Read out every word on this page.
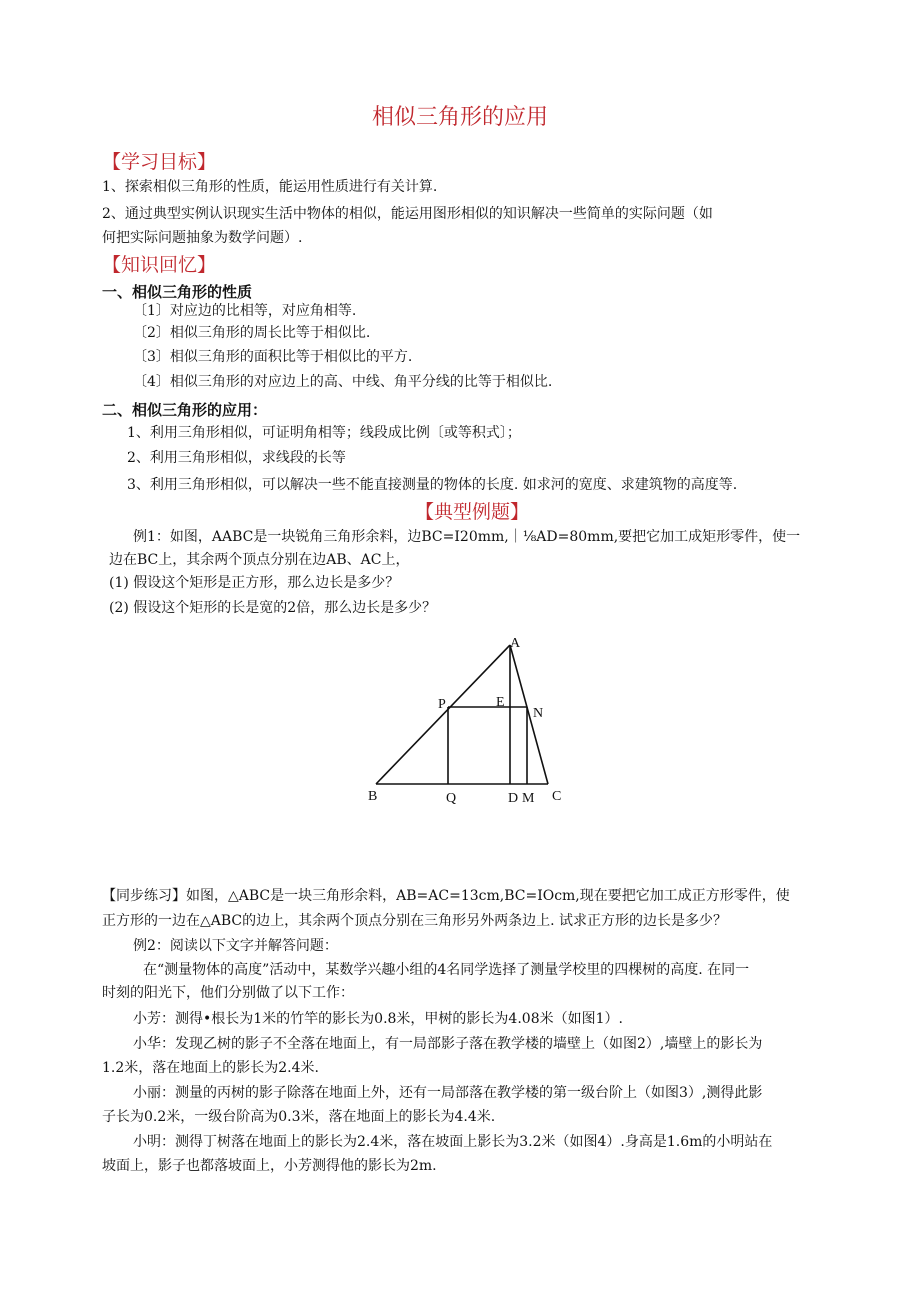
相似三角形的应用
【学习目标】
1、探索相似三角形的性质，能运用性质进行有关计算.
2、通过典型实例认识现实生活中物体的相似，能运用图形相似的知识解决一些简单的实际问题（如
何把实际问题抽象为数学问题）.
【知识回忆】
一、相似三角形的性质
〔1〕对应边的比相等，对应角相等.
〔2〕相似三角形的周长比等于相似比.
〔3〕相似三角形的面积比等于相似比的平方.
〔4〕相似三角形的对应边上的高、中线、角平分线的比等于相似比.
二、相似三角形的应用：
1、利用三角形相似，可证明角相等；线段成比例〔或等积式〕；
2、利用三角形相似，求线段的长等
3、利用三角形相似，可以解决一些不能直接测量的物体的长度. 如求河的宽度、求建筑物的高度等.
【典型例题】
例1：如图，AABC是一块锐角三角形余料，边BC=I20mm,｜⅛AD=80mm,要把它加工成矩形零件，使一
边在BC上，其余两个顶点分别在边AB、AC上，
(1) 假设这个矩形是正方形，那么边长是多少？
(2) 假设这个矩形的长是宽的2倍，那么边长是多少？
A
P	E
N
B	Q	D M C
【同步练习】如图，△ABC是一块三角形余料，AB=AC=13cm,BC=IOcm,现在要把它加工成正方形零件，使
正方形的一边在△ABC的边上，其余两个顶点分别在三角形另外两条边上. 试求正方形的边长是多少？
例2：阅读以下文字并解答问题：
在“测量物体的高度”活动中，某数学兴趣小组的4名同学选择了测量学校里的四棵树的高度. 在同一
时刻的阳光下，他们分别做了以下工作：
小芳：测得•根长为1米的竹竿的影长为0.8米，甲树的影长为4.08米（如图1）.
小华：发现乙树的影子不全落在地面上，有一局部影子落在教学楼的墙壁上（如图2）,墙壁上的影长为
1.2米，落在地面上的影长为2.4米.
小丽：测量的丙树的影子除落在地面上外，还有一局部落在教学楼的第一级台阶上（如图3）,测得此影
子长为0.2米，一级台阶高为0.3米，落在地面上的影长为4.4米.
小明：测得丁树落在地面上的影长为2.4米，落在坡面上影长为3.2米（如图4）.身高是1.6m的小明站在
坡面上，影子也都落坡面上，小芳测得他的影长为2m.
